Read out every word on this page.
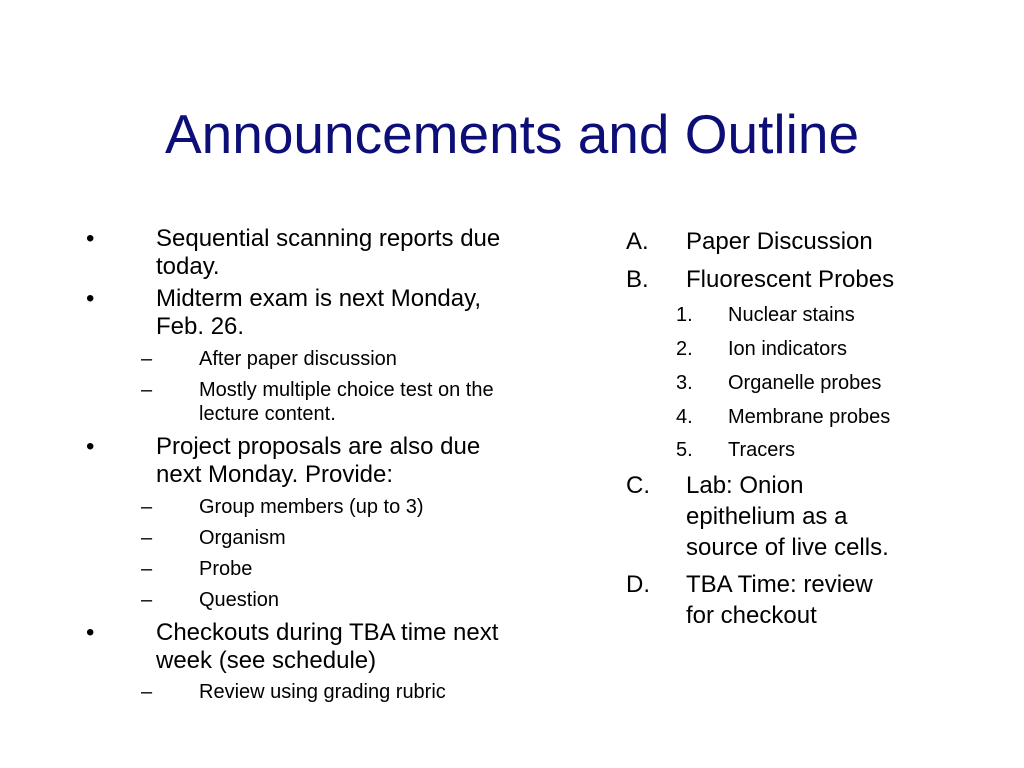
Announcements and Outline
•	Sequential scanning reports due
today.
•	Midterm exam is next Monday,
Feb. 26.
– After paper discussion
– Mostly multiple choice test on the
lecture content.
•	Project proposals are also due
next Monday. Provide:
– Group members (up to 3)
– Organism
– Probe
– Question
•	Checkouts during TBA time next
week (see schedule)
– Review using grading rubric
A. Paper Discussion
B. Fluorescent Probes
1. Nuclear stains
2. Ion indicators
3. Organelle probes
4. Membrane probes
5. Tracers
C. Lab: Onion
epithelium as a
source of live cells.
D. TBA Time: review
for checkout
